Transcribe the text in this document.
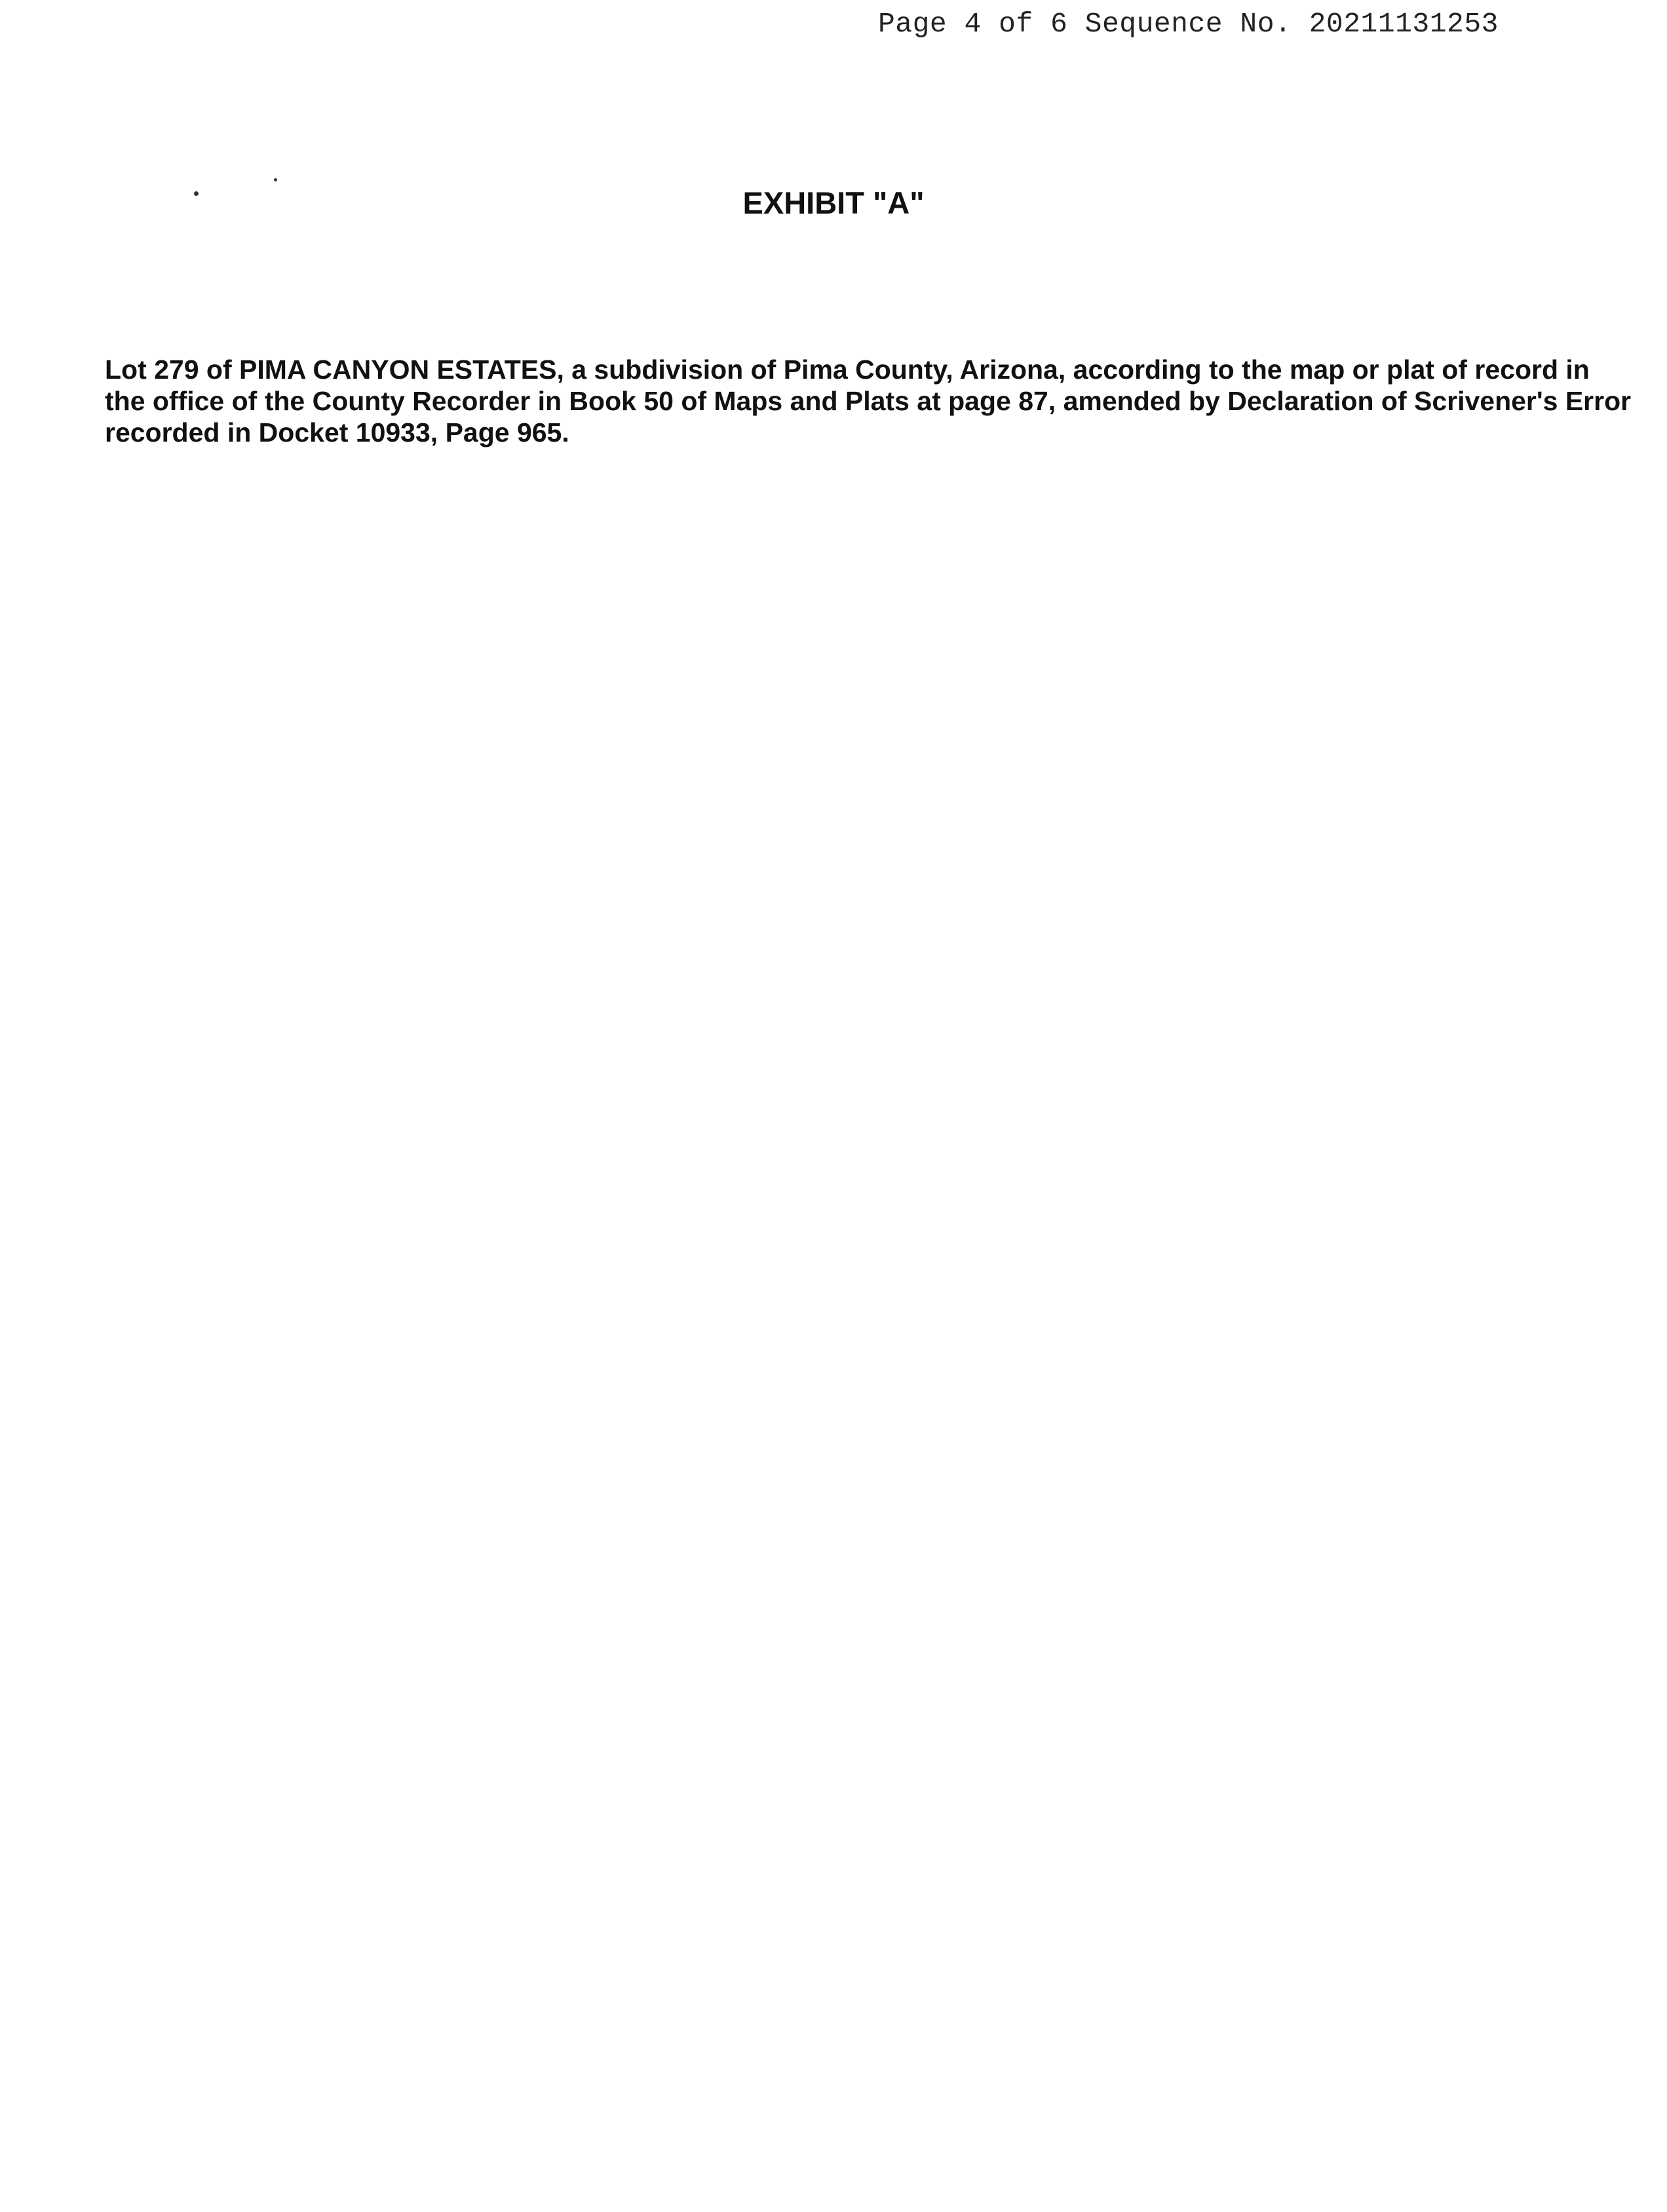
Page 4 of 6 Sequence No. 20211131253
EXHIBIT "A"
Lot 279 of PIMA CANYON ESTATES, a subdivision of Pima County, Arizona, according to the map or plat of record in
the office of the County Recorder in Book 50 of Maps and Plats at page 87, amended by Declaration of Scrivener's Error
recorded in Docket 10933, Page 965.
